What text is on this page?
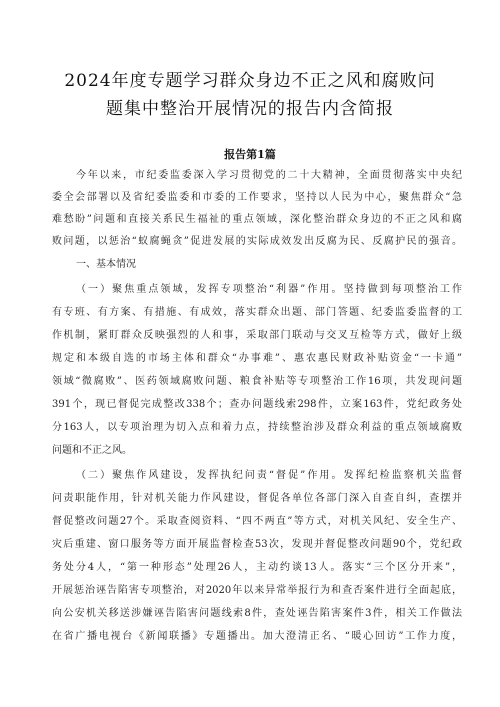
2024年度专题学习群众身边不正之风和腐败问
题集中整治开展情况的报告内含简报
报告第1篇
今年以来，市纪委监委深入学习贯彻党的二十大精神，全面贯彻落实中央纪
委全会部署以及省纪委监委和市委的工作要求，坚持以人民为中心，聚焦群众“急
难愁盼”问题和直接关系民生福祉的重点领域，深化整治群众身边的不正之风和腐
败问题，以惩治“蚁腐蝇贪”促进发展的实际成效发出反腐为民、反腐护民的强音。
一、基本情况
（一）聚焦重点领域，发挥专项整治“利器”作用。坚持做到每项整治工作
有专班、有方案、有措施、有成效，落实群众出题、部门答题、纪委监委监督的工
作机制，紧盯群众反映强烈的人和事，采取部门联动与交叉互检等方式，做好上级
规定和本级自选的市场主体和群众“办事难”、惠农惠民财政补贴资金“一卡通”
领域“微腐败”、医药领域腐败问题、粮食补贴等专项整治工作16项，共发现问题
391个，现已督促完成整改338个；查办问题线索298件，立案163件，党纪政务处
分163人，以专项治理为切入点和着力点，持续整治涉及群众利益的重点领域腐败
问题和不正之风。
（二）聚焦作风建设，发挥执纪问责“督促”作用。发挥纪检监察机关监督
问责职能作用，针对机关能力作风建设，督促各单位各部门深入自查自纠，查摆并
督促整改问题27个。采取查阅资料、“四不两直”等方式，对机关风纪、安全生产、
灾后重建、窗口服务等方面开展监督检查53次，发现并督促整改问题90个，党纪政
务处分4人，“第一种形态”处理26人，主动约谈13人。落实“三个区分开来”，
开展惩治诬告陷害专项整治，对2020年以来异常举报行为和查否案件进行全面起底，
向公安机关移送涉嫌诬告陷害问题线索8件，查处诬告陷害案件3件，相关工作做法
在省广播电视台《新闻联播》专题播出。加大澄清正名、“暖心回访”工作力度，
